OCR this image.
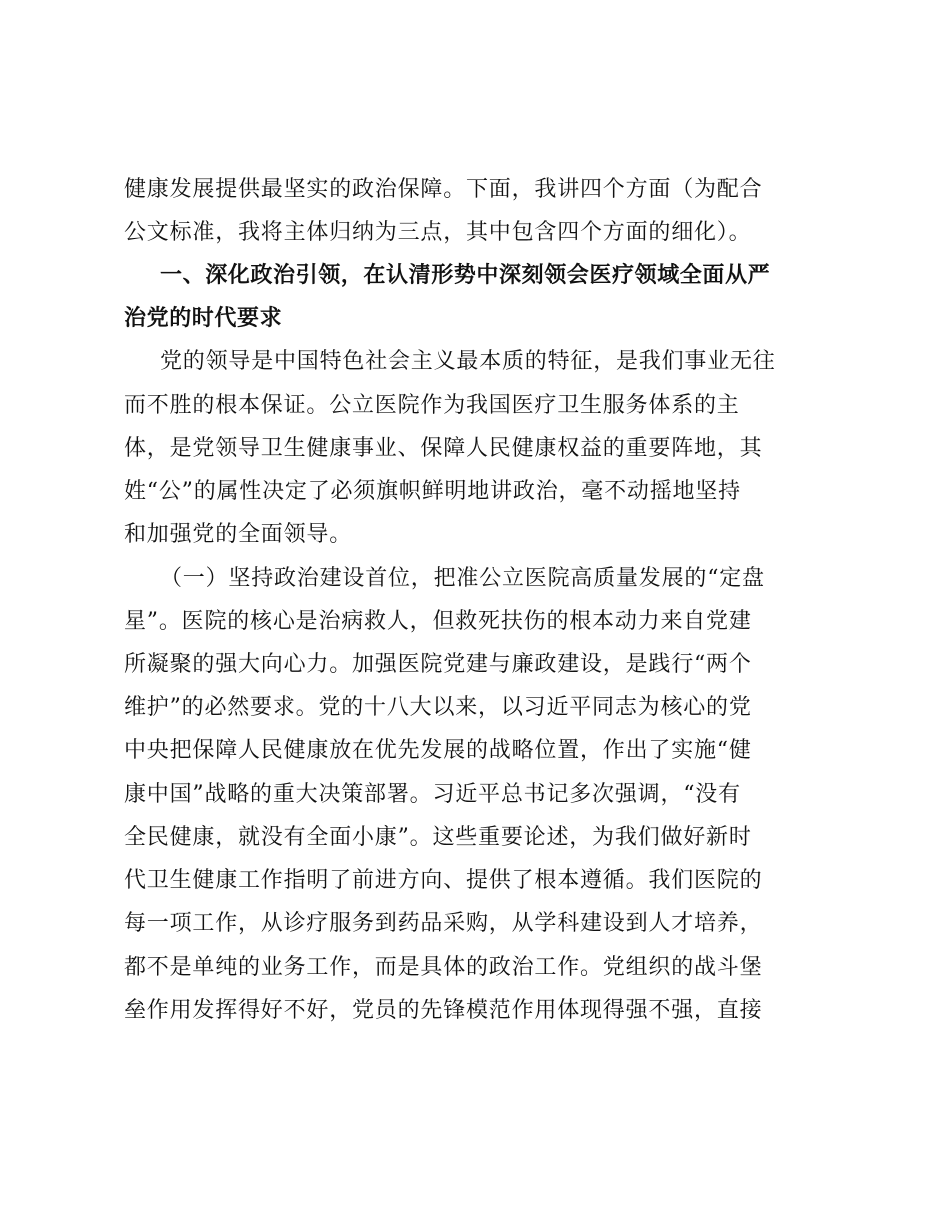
健康发展提供最坚实的政治保障。下面，我讲四个方面（为配合
公文标准，我将主体归纳为三点，其中包含四个方面的细化）。
一、深化政治引领，在认清形势中深刻领会医疗领域全面从严
治党的时代要求
党的领导是中国特色社会主义最本质的特征，是我们事业无往
而不胜的根本保证。公立医院作为我国医疗卫生服务体系的主
体，是党领导卫生健康事业、保障人民健康权益的重要阵地，其
姓“公”的属性决定了必须旗帜鲜明地讲政治，毫不动摇地坚持
和加强党的全面领导。
（一）坚持政治建设首位，把准公立医院高质量发展的“定盘
星”。医院的核心是治病救人，但救死扶伤的根本动力来自党建
所凝聚的强大向心力。加强医院党建与廉政建设，是践行“两个
维护”的必然要求。党的十八大以来，以习近平同志为核心的党
中央把保障人民健康放在优先发展的战略位置，作出了实施“健
康中国”战略的重大决策部署。习近平总书记多次强调，“没有
全民健康，就没有全面小康”。这些重要论述，为我们做好新时
代卫生健康工作指明了前进方向、提供了根本遵循。我们医院的
每一项工作，从诊疗服务到药品采购，从学科建设到人才培养，
都不是单纯的业务工作，而是具体的政治工作。党组织的战斗堡
垒作用发挥得好不好，党员的先锋模范作用体现得强不强，直接
